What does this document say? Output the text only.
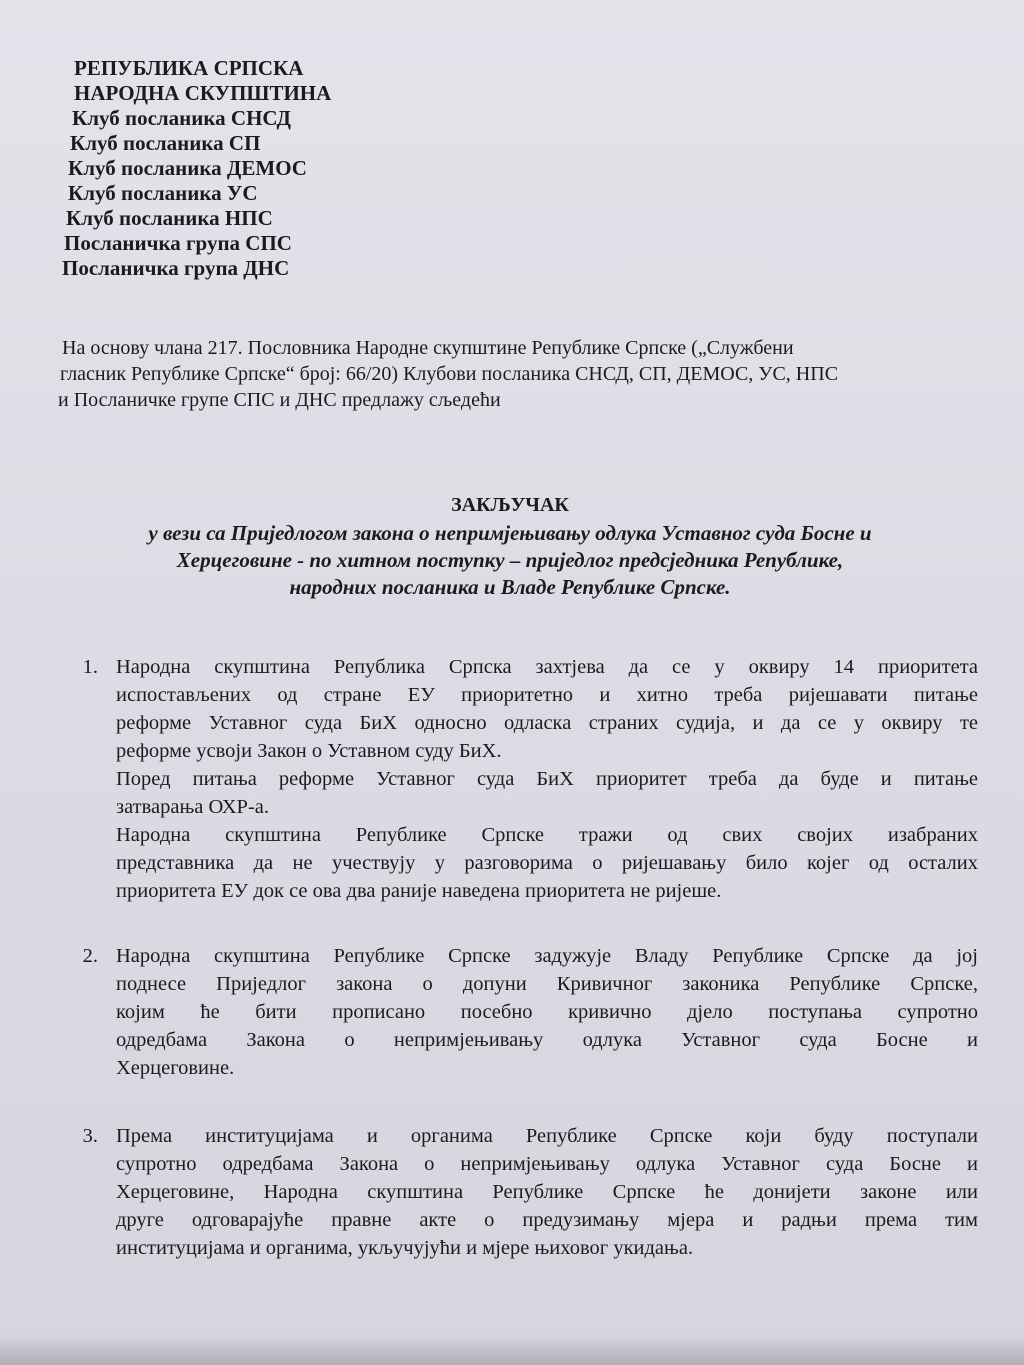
РЕПУБЛИКА СРПСКА
НАРОДНА СКУПШТИНА
Клуб посланика СНСД
Клуб посланика СП
Клуб посланика ДЕМОС
Клуб посланика УС
Клуб посланика НПС
Посланичка група СПС
Посланичка група ДНС
На основу члана 217. Пословника Народне скупштине Републике Српске („Службени
гласник Републике Српске“ број: 66/20) Клубови посланика СНСД, СП, ДЕМОС, УС, НПС
и Посланичке групе СПС и ДНС предлажу сљедећи
ЗАКЉУЧАК
у вези са Приједлогом закона о непримјењивању одлука Уставног суда Босне и
Херцеговине - по хитном поступку – приједлог предсједника Републике,
народних посланика и Владе Републике Српске.
1. Народна скупштина Република Српска захтјева да се у оквиру 14 приоритета
испостављених од стране ЕУ приоритетно и хитно треба ријешавати питање
реформе Уставног суда БиХ односно одласка страних судија, и да се у оквиру те
реформе усвоји Закон о Уставном суду БиХ.
Поред питања реформе Уставног суда БиХ приоритет треба да буде и питање
затварања ОХР-а.
Народна скупштина Републике Српске тражи од свих својих изабраних
представника да не учествују у разговорима о ријешавању било којег од осталих
приоритета ЕУ док се ова два раније наведена приоритета не ријеше.
2. Народна скупштина Републике Српске задужује Владу Републике Српске да јој
поднесе Приједлог закона о допуни Кривичног законика Републике Српске,
којим ће бити прописано посебно кривично дјело поступања супротно
одредбама Закона о непримјењивању одлука Уставног суда Босне и
Херцеговине.
3. Према институцијама и органима Републике Српске који буду поступали
супротно одредбама Закона о непримјењивању одлука Уставног суда Босне и
Херцеговине, Народна скупштина Републике Српске ће донијети законе или
друге одговарајуће правне акте о предузимању мјера и радњи према тим
институцијама и органима, укључујући и мјере њиховог укидања.
